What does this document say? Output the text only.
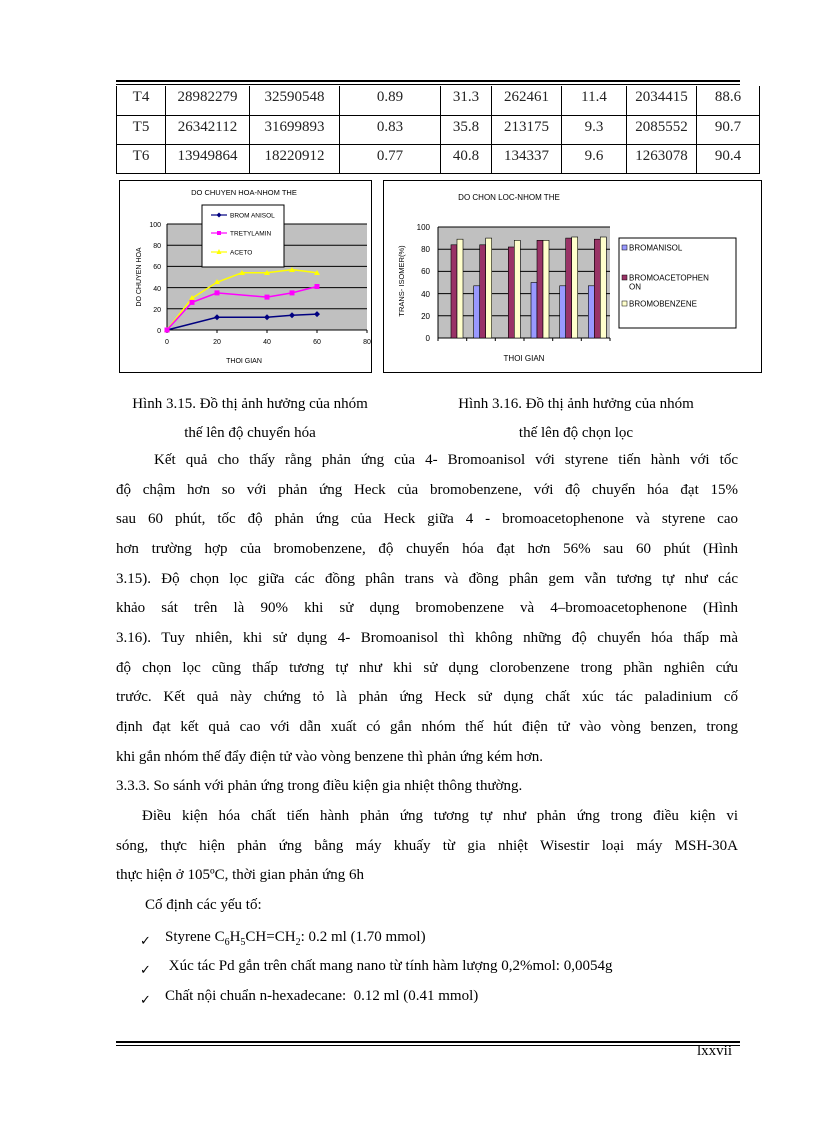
T4	28982279	32590548	0.89	31.3	262461	11.4	2034415	88.6
T5	26342112	31699893	0.83	35.8	213175	9.3	2085552	90.7
T6	13949864	18220912	0.77	40.8	134337	9.6	1263078	90.4
DO CHUYEN HOA-NHOM THE
100
80
60
40
20
0
0	20	40	60	80
THOI GIAN
DO CHUYEN HOA
BROM ANISOL
TRETYLAMIN
ACETO
DO CHON LOC-NHOM THE
100
80
60
40
20
0
THOI GIAN
TRANS- ISOMER(%)	BROMANISOL
BROMOACETOPHEN
ON
BROMOBENZENE
Hình 3.15. Đồ thị ảnh hưởng của nhóm
thế lên độ chuyển hóa
Hình 3.16. Đồ thị ảnh hưởng của nhóm
thế lên độ chọn lọc
Kết quả cho thấy rằng phản ứng của 4- Bromoanisol với styrene tiến hành với tốc
độ chậm hơn so với phản ứng Heck của bromobenzene, với độ chuyển hóa đạt 15%
sau 60 phút, tốc độ phản ứng của Heck giữa 4 - bromoacetophenone và styrene cao
hơn trường hợp của bromobenzene, độ chuyển hóa đạt hơn 56% sau 60 phút (Hình
3.15). Độ chọn lọc giữa các đồng phân trans và đồng phân gem vẫn tương tự như các
khảo sát trên là 90% khi sử dụng bromobenzene và 4–bromoacetophenone (Hình
3.16). Tuy nhiên, khi sử dụng 4- Bromoanisol thì không những độ chuyển hóa thấp mà
độ chọn lọc cũng thấp tương tự như khi sử dụng clorobenzene trong phần nghiên cứu
trước. Kết quả này chứng tỏ là phản ứng Heck sử dụng chất xúc tác paladinium cố
định đạt kết quả cao với dẫn xuất có gắn nhóm thế hút điện tử vào vòng benzen, trong
khi gắn nhóm thế đẩy điện tử vào vòng benzene thì phản ứng kém hơn.
3.3.3. So sánh với phản ứng trong điều kiện gia nhiệt thông thường.
Điều kiện hóa chất tiến hành phản ứng tương tự như phản ứng trong điều kiện vi
sóng, thực hiện phản ứng bằng máy khuấy từ gia nhiệt Wisestir loại máy MSH-30A
thực hiện ở 105ºC, thời gian phản ứng 6h
Cố định các yếu tố:
✓ Styrene $C_6H_5CH=CH_2$: 0.2 ml (1.70 mmol)
✓ Xúc tác Pd gắn trên chất mang nano từ tính hàm lượng 0,2%mol: 0,0054g
✓ Chất nội chuẩn n-hexadecane:  0.12 ml (0.41 mmol)
lxxvii
